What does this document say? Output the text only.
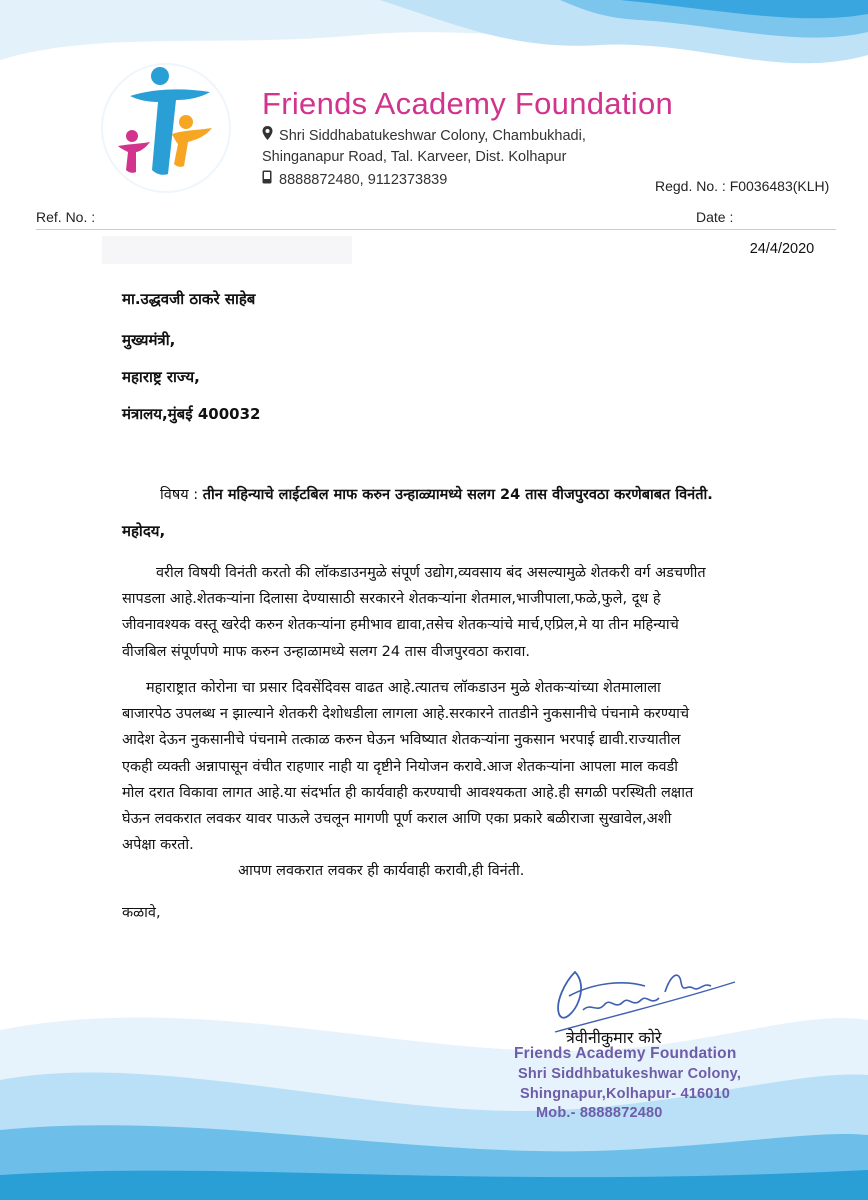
Friends Academy Foundation
Shri Siddhabatukeshwar Colony, Chambukhadi,
Shinganapur Road, Tal. Karveer, Dist. Kolhapur
8888872480, 9112373839	Regd. No. : F0036483(KLH)
Ref. No. :	Date :
24/4/2020
मा.उद्धवजी ठाकरे साहेब
मुख्यमंत्री,
महाराष्ट्र राज्य,
मंत्रालय,मुंबई 400032
विषय : तीन महिन्याचे लाईटबिल माफ करुन उन्हाळ्यामध्ये सलग 24 तास वीजपुरवठा करणेबाबत विनंती.
महोदय,

वरील विषयी विनंती करतो की लॉकडाउनमुळे संपूर्ण उद्योग,व्यवसाय बंद असल्यामुळे शेतकरी वर्ग अडचणीत

सापडला आहे.शेतकऱ्यांना दिलासा देण्यासाठी सरकारने शेतकऱ्यांना शेतमाल,भाजीपाला,फळे,फुले, दूध हे

जीवनावश्यक वस्तू खरेदी करुन शेतकऱ्यांना हमीभाव द्यावा,तसेच शेतकऱ्यांचे मार्च,एप्रिल,मे या तीन महिन्याचे

वीजबिल संपूर्णपणे माफ करुन उन्हाळामध्ये सलग 24 तास वीजपुरवठा करावा.

महाराष्ट्रात कोरोना चा प्रसार दिवसेंदिवस वाढत आहे.त्यातच लॉकडाउन मुळे शेतकऱ्यांच्या शेतमालाला

बाजारपेठ उपलब्ध न झाल्याने शेतकरी देशोधडीला लागला आहे.सरकारने तातडीने नुकसानीचे पंचनामे करण्याचे

आदेश देऊन नुकसानीचे पंचनामे तत्काळ करुन घेऊन भविष्यात शेतकऱ्यांना नुकसान भरपाई द्यावी.राज्यातील

एकही व्यक्ती अन्नापासून वंचीत राहणार नाही या दृष्टीने नियोजन करावे.आज शेतकऱ्यांना आपला माल कवडी

मोल दरात विकावा लागत आहे.या संदर्भात ही कार्यवाही करण्याची आवश्यकता आहे.ही सगळी परस्थिती लक्षात

घेऊन लवकरात लवकर यावर पाऊले उचलून मागणी पूर्ण कराल आणि एका प्रकारे बळीराजा सुखावेल,अशी

अपेक्षा करतो.

आपण लवकरात लवकर ही कार्यवाही करावी,ही विनंती.
कळावे,
त्रेवीनीकुमार कोरे
Friends Academy Foundation
Shri Siddhbatukeshwar Colony,
Shingnapur,Kolhapur- 416010
Mob.- 8888872480
